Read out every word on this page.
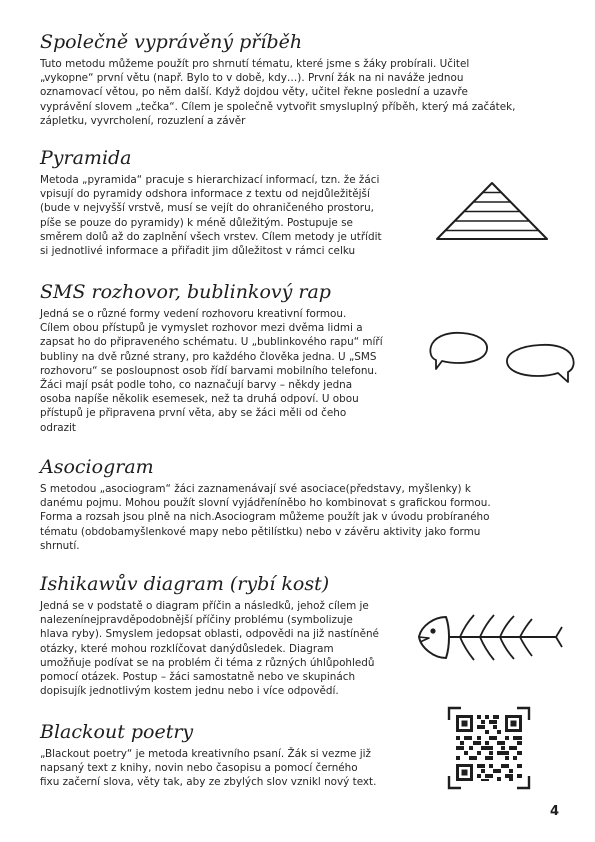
Společně vyprávěný příběh

Tuto metodu můžeme použít pro shrnutí tématu, které jsme s žáky probírali. Učitel
„vykopne“ první větu (např. Bylo to v době, kdy…). První žák na ni naváže jednou
oznamovací větou, po něm další. Když dojdou věty, učitel řekne poslední a uzavře
vyprávění slovem „tečka“. Cílem je společně vytvořit smysluplný příběh, který má začátek,
zápletku, vyvrcholení, rozuzlení a závěr

Pyramida

Metoda „pyramida“ pracuje s hierarchizací informací, tzn. že žáci
vpisují do pyramidy odshora informace z textu od nejdůležitější
(bude v nejvyšší vrstvě, musí se vejít do ohraničeného prostoru,
píše se pouze do pyramidy) k méně důležitým. Postupuje se
směrem dolů až do zaplnění všech vrstev. Cílem metody je utřídit
si jednotlivé informace a přiřadit jim důležitost v rámci celku

SMS rozhovor, bublinkový rap

Jedná se o různé formy vedení rozhovoru kreativní formou.
Cílem obou přístupů je vymyslet rozhovor mezi dvěma lidmi a
zapsat ho do připraveného schématu. U „bublinkového rapu“ míří
bubliny na dvě různé strany, pro každého člověka jedna. U „SMS
rozhovoru“ se posloupnost osob řídí barvami mobilního telefonu.
Žáci mají psát podle toho, co naznačují barvy – někdy jedna
osoba napíše několik esemesek, než ta druhá odpoví. U obou
přístupů je připravena první věta, aby se žáci měli od čeho
odrazit

Asociogram

S metodou „asociogram“ žáci zaznamenávají své asociace(představy, myšlenky) k
danému pojmu. Mohou použít slovní vyjádřeníněbo ho kombinovat s grafickou formou.
Forma a rozsah jsou plně na nich.Asociogram můžeme použít jak v úvodu probíraného
tématu (obdobamyšlenkové mapy nebo pětilístku) nebo v závěru aktivity jako formu
shrnutí.

Ishikawův diagram (rybí kost)

Jedná se v podstatě o diagram příčin a následků, jehož cílem je
nalezenínejpravděpodobnější příčiny problému (symbolizuje
hlava ryby). Smyslem jedopsat oblasti, odpovědi na již nastíněné
otázky, které mohou rozklíčovat danýdůsledek. Diagram
umožňuje podívat se na problém či téma z různých úhlůpohledů
pomocí otázek. Postup – žáci samostatně nebo ve skupinách
dopisujík jednotlivým kostem jednu nebo i více odpovědí.

Blackout poetry

„Blackout poetry“ je metoda kreativního psaní. Žák si vezme již
napsaný text z knihy, novin nebo časopisu a pomocí černého
fixu začerní slova, věty tak, aby ze zbylých slov vznikl nový text.

4
